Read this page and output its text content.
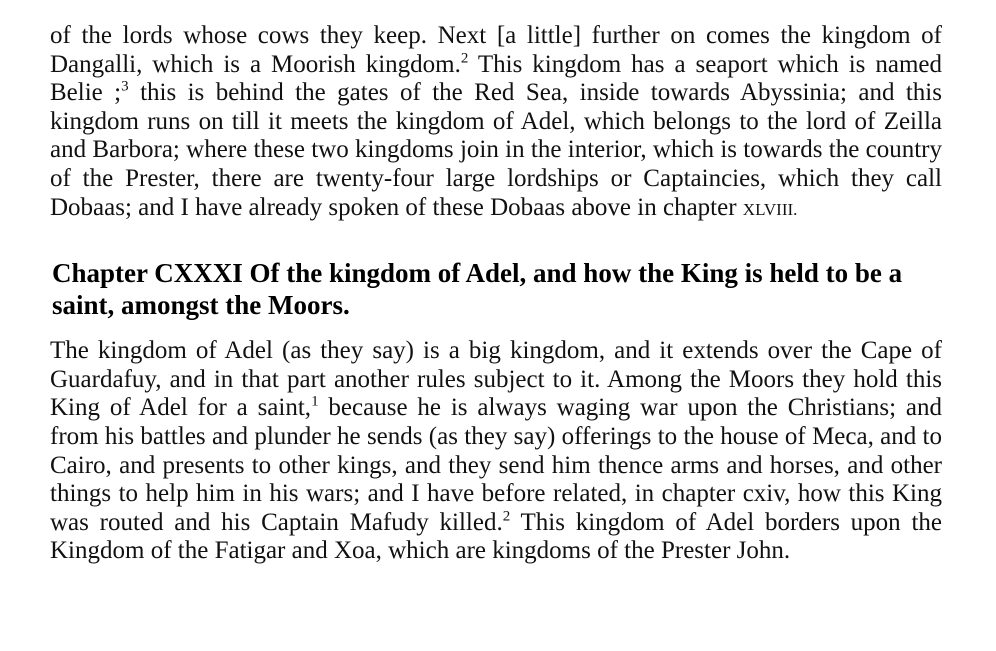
of the lords whose cows they keep. Next [a little] further on comes the kingdom of Dangalli, which is a Moorish kingdom.$^2$ This kingdom has a seaport which is named Belie ;$^3$ this is behind the gates of the Red Sea, inside towards Abyssinia; and this kingdom runs on till it meets the kingdom of Adel, which belongs to the lord of Zeilla and Barbora; where these two kingdoms join in the interior, which is towards the country of the Prester, there are twenty-four large lordships or Captaincies, which they call Dobaas; and I have already spoken of these Dobaas above in chapter XLVIII.

Chapter CXXXI Of the kingdom of Adel, and how the King is held to be a saint, amongst the Moors.

The kingdom of Adel (as they say) is a big kingdom, and it extends over the Cape of Guardafuy, and in that part another rules subject to it. Among the Moors they hold this King of Adel for a saint,$^1$ because he is always waging war upon the Christians; and from his battles and plunder he sends (as they say) offerings to the house of Meca, and to Cairo, and presents to other kings, and they send him thence arms and horses, and other things to help him in his wars; and I have before related, in chapter cxiv, how this King was routed and his Captain Mafudy killed.$^2$ This kingdom of Adel borders upon the Kingdom of the Fatigar and Xoa, which are kingdoms of the Prester John.
